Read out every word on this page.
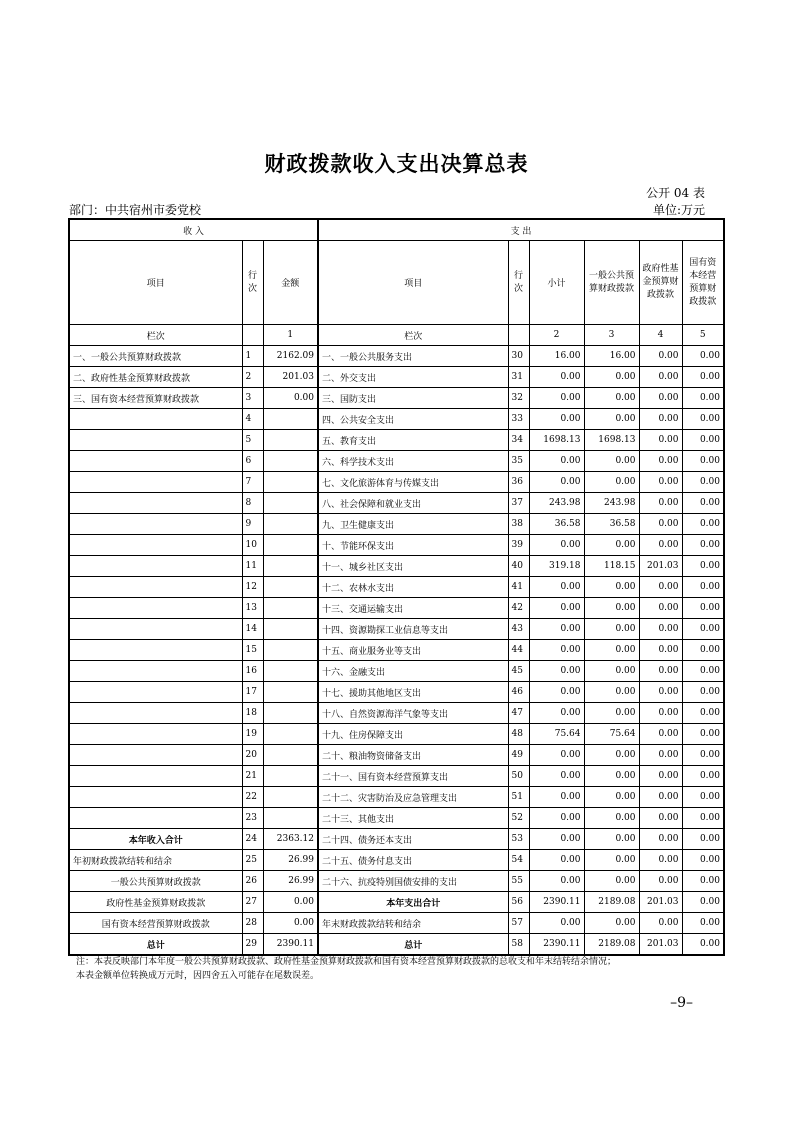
财政拨款收入支出决算总表
公开 04 表
部门：中共宿州市委党校	单位:万元
收 入			支 出					
项目	行次	金额	项目	行次	小计	一般公共预算财政拨款	政府性基金预算财政拨款	国有资本经营预算财政拨款
栏次		1	栏次		2	3	4	5
一、一般公共预算财政拨款	1	2162.09	一、一般公共服务支出	30	16.00	16.00	0.00	0.00
二、政府性基金预算财政拨款	2	201.03	二、外交支出	31	0.00	0.00	0.00	0.00
三、国有资本经营预算财政拨款	3	0.00	三、国防支出	32	0.00	0.00	0.00	0.00
	4		四、公共安全支出	33	0.00	0.00	0.00	0.00
	5		五、教育支出	34	1698.13	1698.13	0.00	0.00
	6		六、科学技术支出	35	0.00	0.00	0.00	0.00
	7		七、文化旅游体育与传媒支出	36	0.00	0.00	0.00	0.00
	8		八、社会保障和就业支出	37	243.98	243.98	0.00	0.00
	9		九、卫生健康支出	38	36.58	36.58	0.00	0.00
	10		十、节能环保支出	39	0.00	0.00	0.00	0.00
	11		十一、城乡社区支出	40	319.18	118.15	201.03	0.00
	12		十二、农林水支出	41	0.00	0.00	0.00	0.00
	13		十三、交通运输支出	42	0.00	0.00	0.00	0.00
	14		十四、资源勘探工业信息等支出	43	0.00	0.00	0.00	0.00
	15		十五、商业服务业等支出	44	0.00	0.00	0.00	0.00
	16		十六、金融支出	45	0.00	0.00	0.00	0.00
	17		十七、援助其他地区支出	46	0.00	0.00	0.00	0.00
	18		十八、自然资源海洋气象等支出	47	0.00	0.00	0.00	0.00
	19		十九、住房保障支出	48	75.64	75.64	0.00	0.00
	20		二十、粮油物资储备支出	49	0.00	0.00	0.00	0.00
	21		二十一、国有资本经营预算支出	50	0.00	0.00	0.00	0.00
	22		二十二、灾害防治及应急管理支出	51	0.00	0.00	0.00	0.00
	23		二十三、其他支出	52	0.00	0.00	0.00	0.00
本年收入合计	24	2363.12	二十四、债务还本支出	53	0.00	0.00	0.00	0.00
年初财政拨款结转和结余	25	26.99	二十五、债务付息支出	54	0.00	0.00	0.00	0.00
一般公共预算财政拨款	26	26.99	二十六、抗疫特别国债安排的支出	55	0.00	0.00	0.00	0.00
政府性基金预算财政拨款	27	0.00	本年支出合计	56	2390.11	2189.08	201.03	0.00
国有资本经营预算财政拨款	28	0.00	年末财政拨款结转和结余	57	0.00	0.00	0.00	0.00
总计	29	2390.11	总计	58	2390.11	2189.08	201.03	0.00
注：本表反映部门本年度一般公共预算财政拨款、政府性基金预算财政拨款和国有资本经营预算财政拨款的总收支和年末结转结余情况；
本表金额单位转换成万元时，因四舍五入可能存在尾数误差。
–9–
